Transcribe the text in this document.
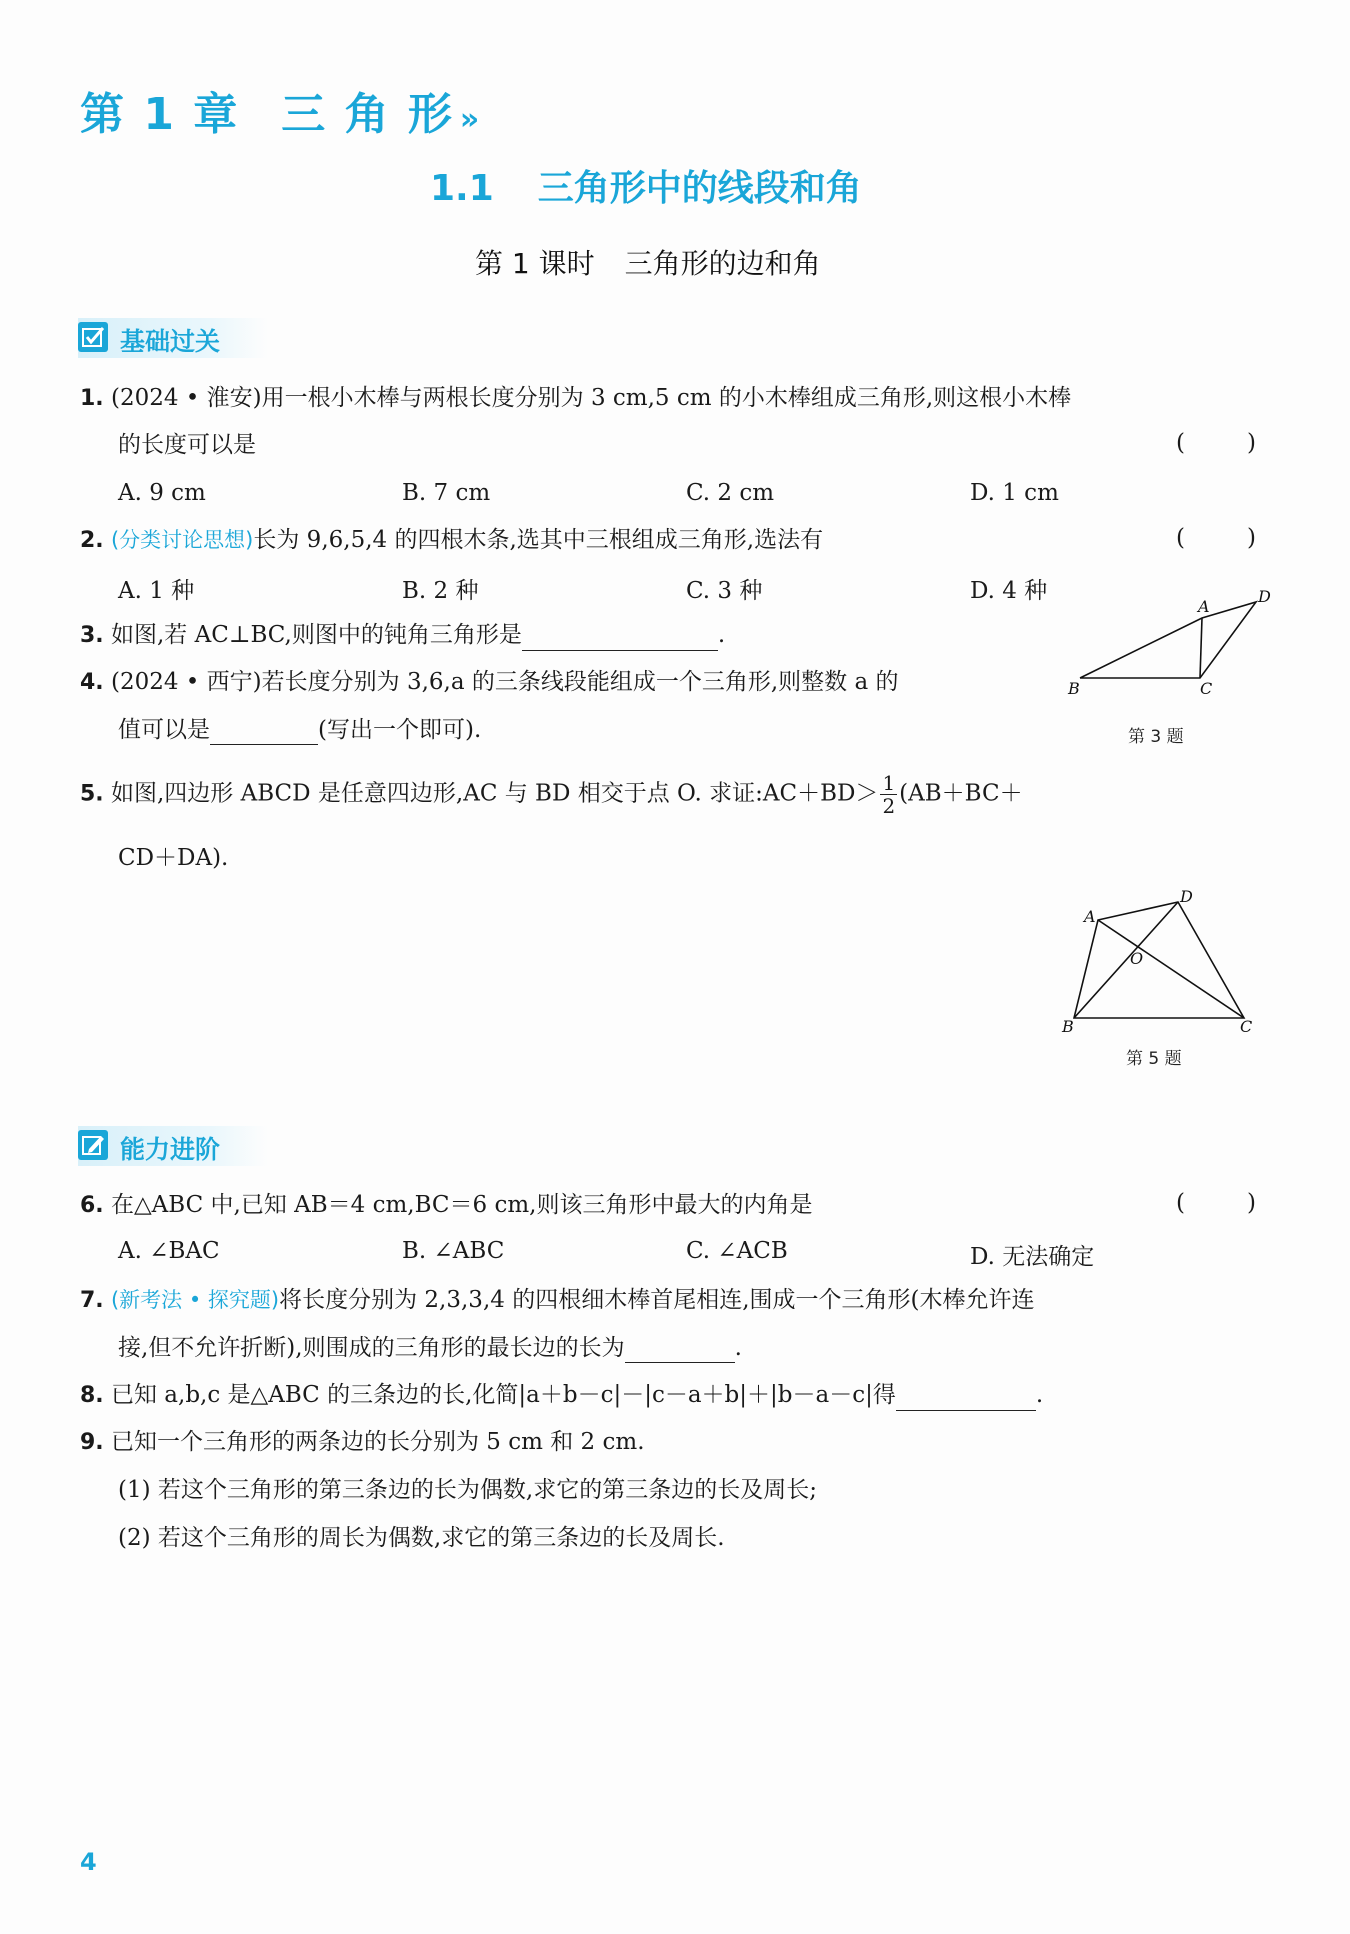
第 1 章 三 角 形 »
1.1 三角形中的线段和角
第 1 课时 三角形的边和角
基础过关
1. (2024 • 淮安)用一根小木棒与两根长度分别为 3 cm,5 cm 的小木棒组成三角形,则这根小木棒
的长度可以是	(	)
A. 9 cm	B. 7 cm	C. 2 cm	D. 1 cm
2. (分类讨论思想)长为 9,6,5,4 的四根木条,选其中三根组成三角形,选法有	(	)
A. 1 种	B. 2 种	C. 3 种	D. 4 种
3. 如图,若 AC⊥BC,则图中的钝角三角形是	.
4. (2024 • 西宁)若长度分别为 3,6,a 的三条线段能组成一个三角形,则整数 a 的
值可以是	(写出一个即可).
A
B	C
D
第 3 题
5. 如图,四边形 ABCD 是任意四边形,AC 与 BD 相交于点 O. 求证:AC＋BD＞ $\frac{1}{2} (AB+BC+$
CD＋DA).
A
B	C
D
O
第 5 题
能力进阶
6. 在△ABC 中,已知 AB＝4 cm,BC＝6 cm,则该三角形中最大的内角是	(	)
A. ∠BAC	B. ∠ABC	C. ∠ACB	D. 无法确定
7. (新考法 • 探究题)将长度分别为 2,3,3,4 的四根细木棒首尾相连,围成一个三角形(木棒允许连
接,但不允许折断),则围成的三角形的最长边的长为	.
8. 已知 a,b,c 是△ABC 的三条边的长,化简|a＋b－c|－|c－a＋b|＋|b－a－c|得	.
9. 已知一个三角形的两条边的长分别为 5 cm 和 2 cm.
(1) 若这个三角形的第三条边的长为偶数,求它的第三条边的长及周长;
(2) 若这个三角形的周长为偶数,求它的第三条边的长及周长.
4
